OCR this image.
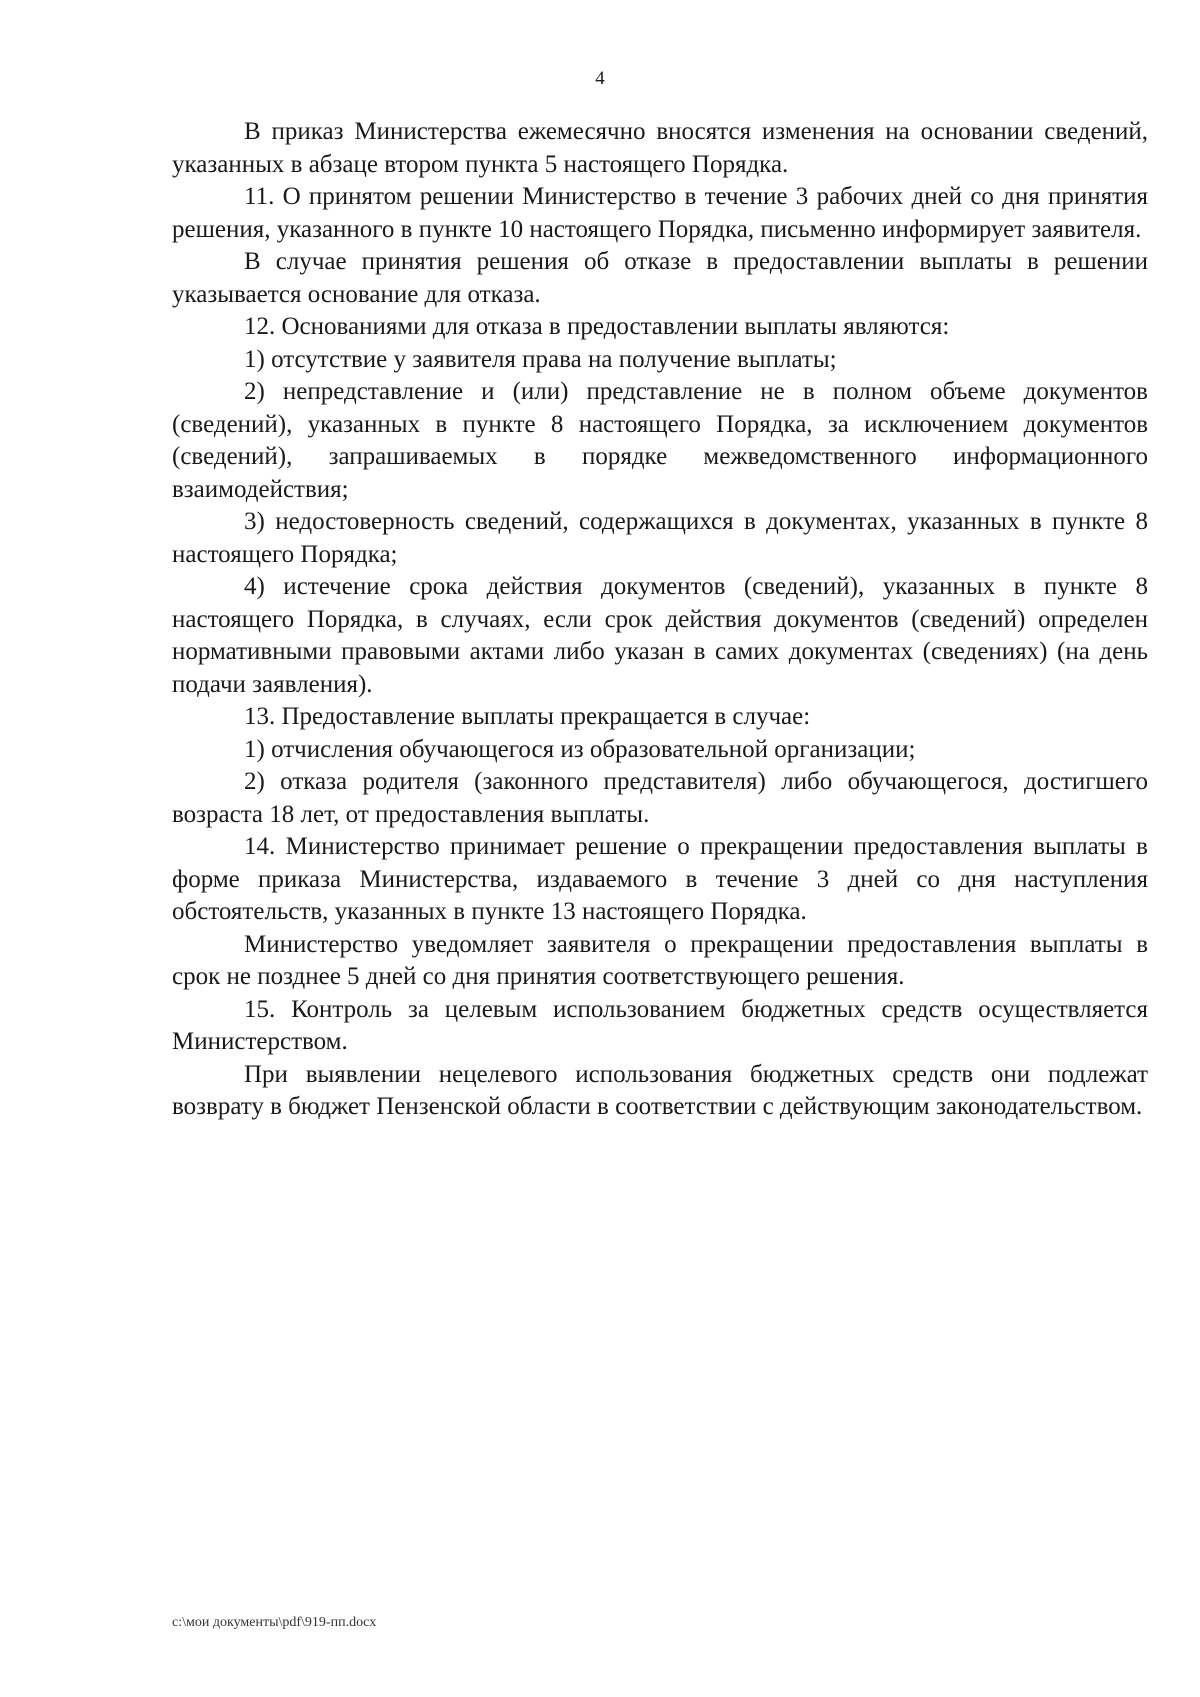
4

В приказ Министерства ежемесячно вносятся изменения на основании сведений, указанных в абзаце втором пункта 5 настоящего Порядка.

11. О принятом решении Министерство в течение 3 рабочих дней со дня принятия решения, указанного в пункте 10 настоящего Порядка, письменно информирует заявителя.

В случае принятия решения об отказе в предоставлении выплаты в решении указывается основание для отказа.

12. Основаниями для отказа в предоставлении выплаты являются:

1) отсутствие у заявителя права на получение выплаты;

2) непредставление и (или) представление не в полном объеме документов (сведений), указанных в пункте 8 настоящего Порядка, за исключением документов (сведений), запрашиваемых в порядке межведомственного информационного взаимодействия;

3) недостоверность сведений, содержащихся в документах, указанных в пункте 8 настоящего Порядка;

4) истечение срока действия документов (сведений), указанных в пункте 8 настоящего Порядка, в случаях, если срок действия документов (сведений) определен нормативными правовыми актами либо указан в самих документах (сведениях) (на день подачи заявления).

13. Предоставление выплаты прекращается в случае:

1) отчисления обучающегося из образовательной организации;

2) отказа родителя (законного представителя) либо обучающегося, достигшего возраста 18 лет, от предоставления выплаты.

14. Министерство принимает решение о прекращении предоставления выплаты в форме приказа Министерства, издаваемого в течение 3 дней со дня наступления обстоятельств, указанных в пункте 13 настоящего Порядка.

Министерство уведомляет заявителя о прекращении предоставления выплаты в срок не позднее 5 дней со дня принятия соответствующего решения.

15. Контроль за целевым использованием бюджетных средств осуществляется Министерством.

При выявлении нецелевого использования бюджетных средств они подлежат возврату в бюджет Пензенской области в соответствии с действующим законодательством.

c:\мои документы\pdf\919-пп.docx
